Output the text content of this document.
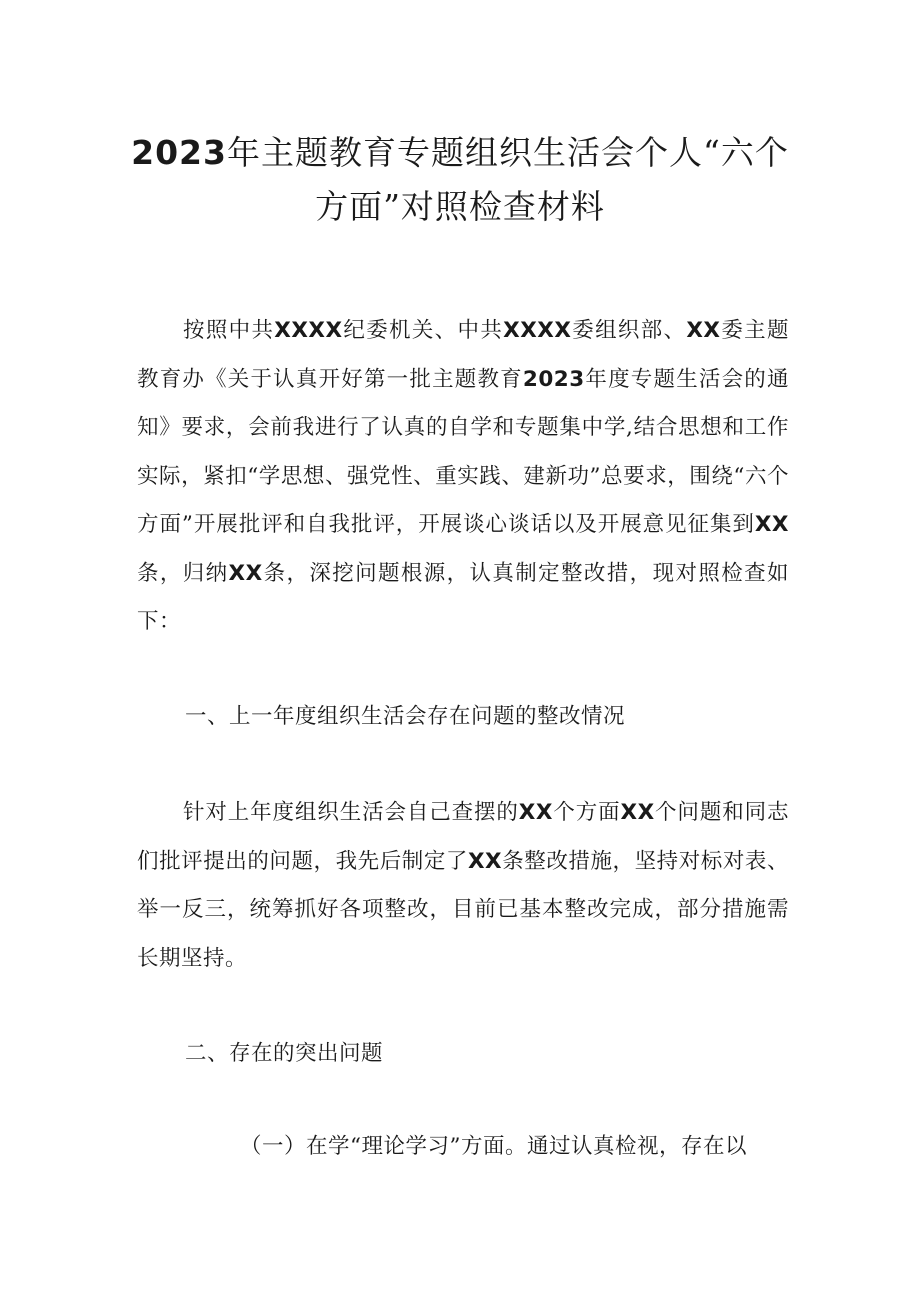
2023年主题教育专题组织生活会个人“六个
方面”对照检查材料

按照中共XXXX纪委机关、中共XXXX委组织部、XX委主题教育办《关于认真开好第一批主题教育2023年度专题生活会的通知》要求，会前我进行了认真的自学和专题集中学,结合思想和工作实际，紧扣“学思想、强党性、重实践、建新功”总要求，围绕“六个方面”开展批评和自我批评，开展谈心谈话以及开展意见征集到XX条，归纳XX条，深挖问题根源，认真制定整改措，现对照检查如下：

一、上一年度组织生活会存在问题的整改情况

针对上年度组织生活会自己查摆的XX个方面XX个问题和同志们批评提出的问题，我先后制定了XX条整改措施，坚持对标对表、举一反三，统筹抓好各项整改，目前已基本整改完成，部分措施需长期坚持。

二、存在的突出问题

（一）在学“理论学习”方面。通过认真检视，存在以
